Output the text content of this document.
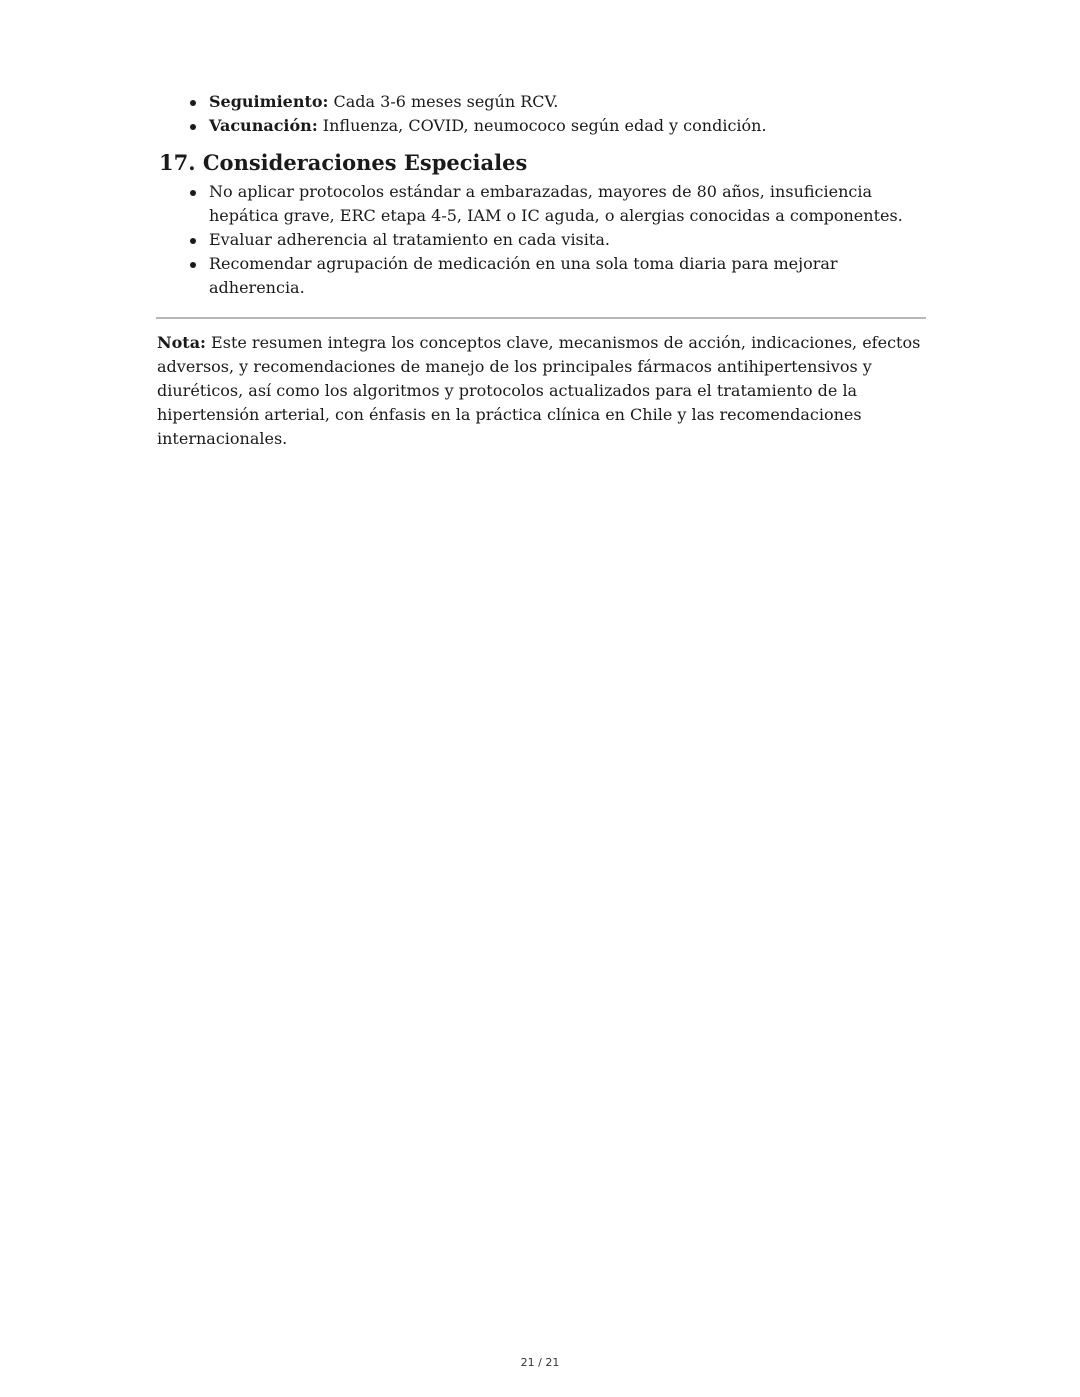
Seguimiento: Cada 3-6 meses según RCV.
Vacunación: Influenza, COVID, neumococo según edad y condición.
17. Consideraciones Especiales
No aplicar protocolos estándar a embarazadas, mayores de 80 años, insuficiencia hepática grave, ERC etapa 4-5, IAM o IC aguda, o alergias conocidas a componentes.
Evaluar adherencia al tratamiento en cada visita.
Recomendar agrupación de medicación en una sola toma diaria para mejorar adherencia.

Nota: Este resumen integra los conceptos clave, mecanismos de acción, indicaciones, efectos adversos, y recomendaciones de manejo de los principales fármacos antihipertensivos y diuréticos, así como los algoritmos y protocolos actualizados para el tratamiento de la hipertensión arterial, con énfasis en la práctica clínica en Chile y las recomendaciones internacionales.

21 / 21
